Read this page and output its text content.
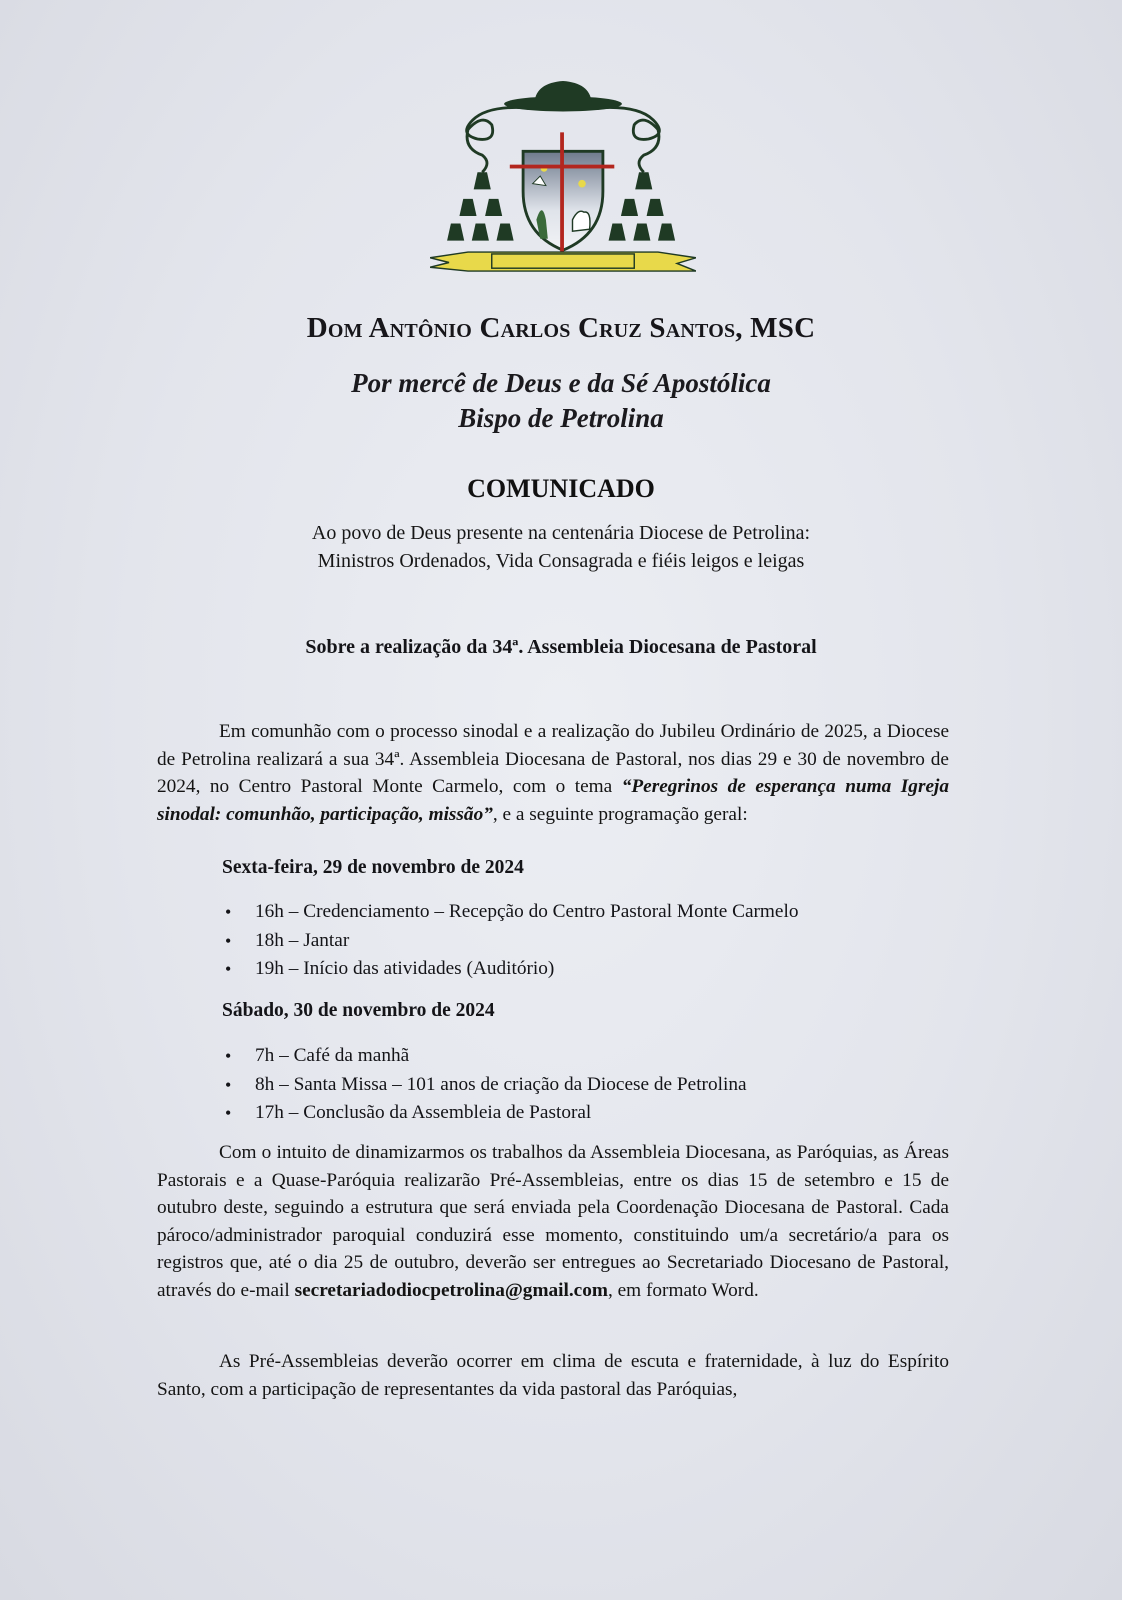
Dom Antônio Carlos Cruz Santos, MSC
Por mercê de Deus e da Sé Apostólica
Bispo de Petrolina
COMUNICADO
Ao povo de Deus presente na centenária Diocese de Petrolina:
Ministros Ordenados, Vida Consagrada e fiéis leigos e leigas
Sobre a realização da 34ª. Assembleia Diocesana de Pastoral

Em comunhão com o processo sinodal e a realização do Jubileu Ordinário de 2025, a Diocese de Petrolina realizará a sua 34ª. Assembleia Diocesana de Pastoral, nos dias 29 e 30 de novembro de 2024, no Centro Pastoral Monte Carmelo, com o tema “Peregrinos de esperança numa Igreja sinodal: comunhão, participação, missão”, e a seguinte programação geral:

Sexta-feira, 29 de novembro de 2024
• 16h – Credenciamento – Recepção do Centro Pastoral Monte Carmelo
• 18h – Jantar
• 19h – Início das atividades (Auditório)
Sábado, 30 de novembro de 2024
• 7h – Café da manhã
• 8h – Santa Missa – 101 anos de criação da Diocese de Petrolina
• 17h – Conclusão da Assembleia de Pastoral

Com o intuito de dinamizarmos os trabalhos da Assembleia Diocesana, as Paróquias, as Áreas Pastorais e a Quase-Paróquia realizarão Pré-Assembleias, entre os dias 15 de setembro e 15 de outubro deste, seguindo a estrutura que será enviada pela Coordenação Diocesana de Pastoral. Cada pároco/administrador paroquial conduzirá esse momento, constituindo um/a secretário/a para os registros que, até o dia 25 de outubro, deverão ser entregues ao Secretariado Diocesano de Pastoral, através do e-mail secretariadodiocpetrolina@gmail.com, em formato Word.

As Pré-Assembleias deverão ocorrer em clima de escuta e fraternidade, à luz do Espírito Santo, com a participação de representantes da vida pastoral das Paróquias,
